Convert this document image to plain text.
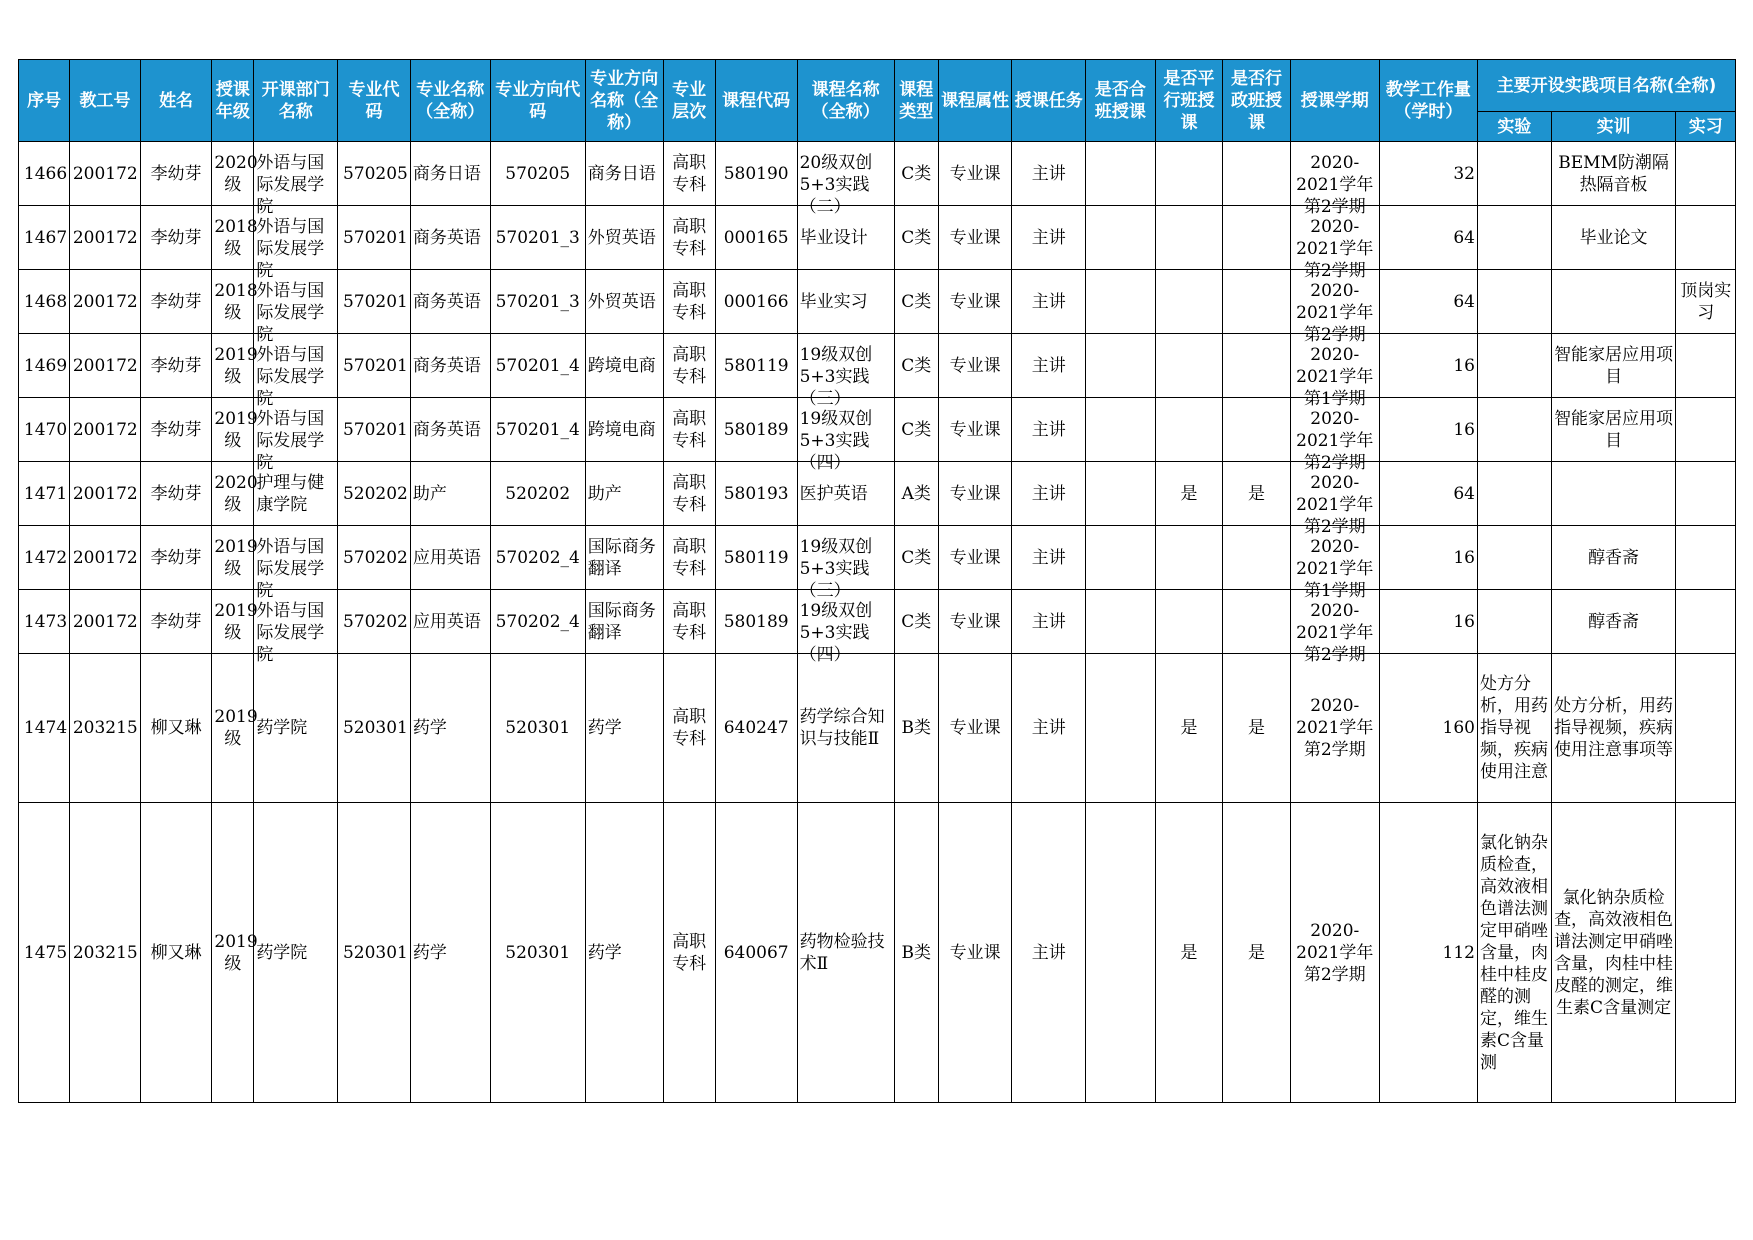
序号	教工号	姓名	授课年级	开课部门名称	专业代码	专业名称（全称）	专业方向代码	专业方向名称（全称）	专业层次	课程代码	课程名称（全称）	课程类型	课程属性	授课任务	是否合班授课	是否平行班授课	是否行政班授课	授课学期	教学工作量（学时）	主要开设实践项目名称(全称)		
																				实验	实训	实习

1466	200172	李幼芽	2020级	外语与国际发展学院	570205	商务日语	570205	商务日语	高职专科	580190	20级双创5+3实践（二）	C类	专业课	主讲				2020-2021学年第2学期	32		BEMM防潮隔热隔音板	

1467	200172	李幼芽	2018级	外语与国际发展学院	570201	商务英语	570201_3	外贸英语	高职专科	000165	毕业设计	C类	专业课	主讲				2020-2021学年第2学期	64		毕业论文	

1468	200172	李幼芽	2018级	外语与国际发展学院	570201	商务英语	570201_3	外贸英语	高职专科	000166	毕业实习	C类	专业课	主讲				2020-2021学年第2学期	64			顶岗实习

1469	200172	李幼芽	2019级	外语与国际发展学院	570201	商务英语	570201_4	跨境电商	高职专科	580119	19级双创5+3实践（三）	C类	专业课	主讲				2020-2021学年第1学期	16		智能家居应用项目	

1470	200172	李幼芽	2019级	外语与国际发展学院	570201	商务英语	570201_4	跨境电商	高职专科	580189	19级双创5+3实践（四）	C类	专业课	主讲				2020-2021学年第2学期	16		智能家居应用项目	

1471	200172	李幼芽	2020级	护理与健康学院	520202	助产	520202	助产	高职专科	580193	医护英语	A类	专业课	主讲		是	是	2020-2021学年第2学期	64			

1472	200172	李幼芽	2019级	外语与国际发展学院	570202	应用英语	570202_4	国际商务翻译	高职专科	580119	19级双创5+3实践（三）	C类	专业课	主讲				2020-2021学年第1学期	16		醇香斋	

1473	200172	李幼芽	2019级	外语与国际发展学院	570202	应用英语	570202_4	国际商务翻译	高职专科	580189	19级双创5+3实践（四）	C类	专业课	主讲				2020-2021学年第2学期	16		醇香斋	

1474	203215	柳又琳	2019级	药学院	520301	药学	520301	药学	高职专科	640247	药学综合知识与技能Ⅱ	B类	专业课	主讲		是	是	2020-2021学年第2学期	160	处方分析，用药指导视频，疾病使用注意	处方分析，用药指导视频，疾病使用注意事项等	

1475	203215	柳又琳	2019级	药学院	520301	药学	520301	药学	高职专科	640067	药物检验技术Ⅱ	B类	专业课	主讲		是	是	2020-2021学年第2学期	112	氯化钠杂质检查，高效液相色谱法测定甲硝唑含量，肉桂中桂皮醛的测定，维生素C含量测	氯化钠杂质检查，高效液相色谱法测定甲硝唑含量，肉桂中桂皮醛的测定，维生素C含量测定	
